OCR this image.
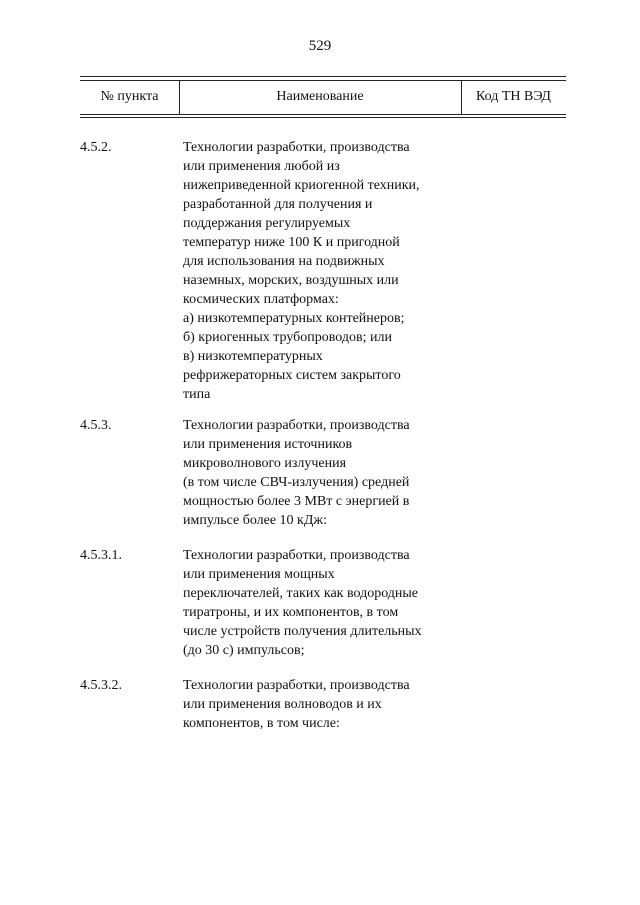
529
№ пункта	Наименование	Код ТН ВЭД
4.5.2.	Технологии разработки, производства
или применения любой из
нижеприведенной криогенной техники,
разработанной для получения и
поддержания регулируемых
температур ниже 100 К и пригодной
для использования на подвижных
наземных, морских, воздушных или
космических платформах:
а) низкотемпературных контейнеров;
б) криогенных трубопроводов; или
в) низкотемпературных
рефрижераторных систем закрытого
типа
4.5.3.	Технологии разработки, производства
или применения источников
микроволнового излучения
(в том числе СВЧ-излучения) средней
мощностью более 3 МВт с энергией в
импульсе более 10 кДж:
4.5.3.1.	Технологии разработки, производства
или применения мощных
переключателей, таких как водородные
тиратроны, и их компонентов, в том
числе устройств получения длительных
(до 30 с) импульсов;
4.5.3.2.	Технологии разработки, производства
или применения волноводов и их
компонентов, в том числе:
